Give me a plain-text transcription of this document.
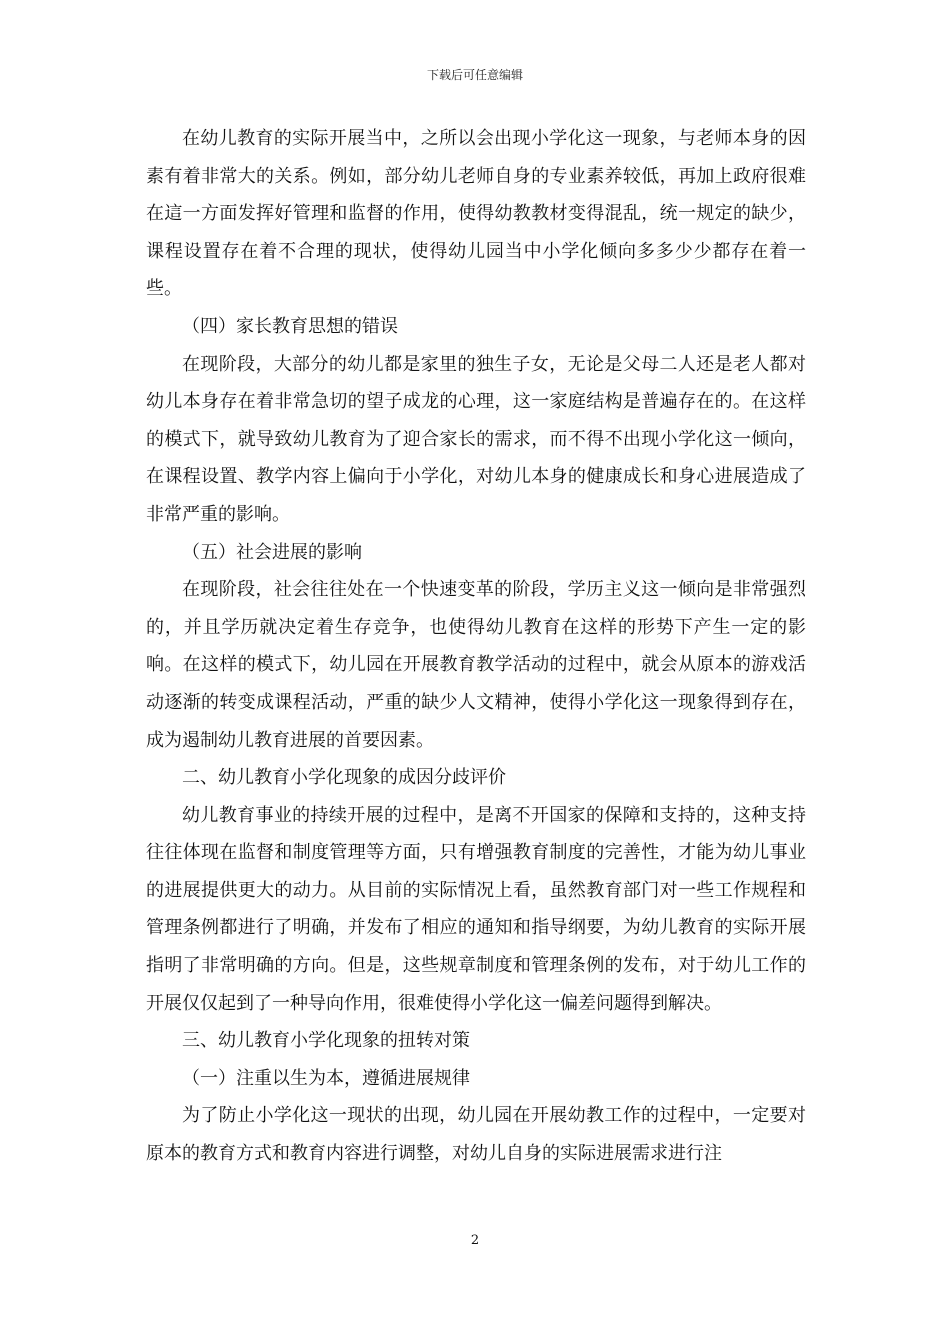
下载后可任意编辑

在幼儿教育的实际开展当中，之所以会出现小学化这一现象，与老师本身的因素有着非常大的关系。例如，部分幼儿老师自身的专业素养较低，再加上政府很难在這一方面发挥好管理和监督的作用，使得幼教教材变得混乱，统一规定的缺少，课程设置存在着不合理的现状，使得幼儿园当中小学化倾向多多少少都存在着一些。

（四）家长教育思想的错误

在现阶段，大部分的幼儿都是家里的独生子女，无论是父母二人还是老人都对幼儿本身存在着非常急切的望子成龙的心理，这一家庭结构是普遍存在的。在这样的模式下，就导致幼儿教育为了迎合家长的需求，而不得不出现小学化这一倾向，在课程设置、教学内容上偏向于小学化，对幼儿本身的健康成长和身心进展造成了非常严重的影响。

（五）社会进展的影响

在现阶段，社会往往处在一个快速变革的阶段，学历主义这一倾向是非常强烈的，并且学历就决定着生存竞争，也使得幼儿教育在这样的形势下产生一定的影响。在这样的模式下，幼儿园在开展教育教学活动的过程中，就会从原本的游戏活动逐渐的转变成课程活动，严重的缺少人文精神，使得小学化这一现象得到存在，成为遏制幼儿教育进展的首要因素。

二、幼儿教育小学化现象的成因分歧评价

幼儿教育事业的持续开展的过程中，是离不开国家的保障和支持的，这种支持往往体现在监督和制度管理等方面，只有增强教育制度的完善性，才能为幼儿事业的进展提供更大的动力。从目前的实际情况上看，虽然教育部门对一些工作规程和管理条例都进行了明确，并发布了相应的通知和指导纲要，为幼儿教育的实际开展指明了非常明确的方向。但是，这些规章制度和管理条例的发布，对于幼儿工作的开展仅仅起到了一种导向作用，很难使得小学化这一偏差问题得到解决。

三、幼儿教育小学化现象的扭转对策

（一）注重以生为本，遵循进展规律

为了防止小学化这一现状的出现，幼儿园在开展幼教工作的过程中，一定要对原本的教育方式和教育内容进行调整，对幼儿自身的实际进展需求进行注

2
